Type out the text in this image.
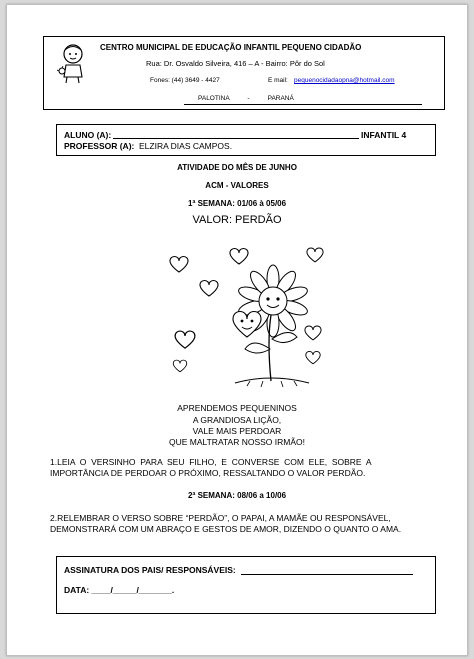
CENTRO MUNICIPAL DE EDUCAÇÃO INFANTIL PEQUENO CIDADÃO
Rua: Dr. Osvaldo Silveira, 416 – A - Bairro: Pôr do Sol
Fones: (44) 3649 - 4427	E mail: pequenocidadaopna@hotmail.com
PALOTINA          -          PARANÁ
ALUNO (A):	INFANTIL 4
PROFESSOR (A): ELZIRA DIAS CAMPOS.
ATIVIDADE DO MÊS DE JUNHO
ACM - VALORES
1ª SEMANA: 01/06 à 05/06
VALOR: PERDÃO
APRENDEMOS PEQUENINOS
A GRANDIOSA LIÇÃO,
VALE MAIS PERDOAR
QUE MALTRATAR NOSSO IRMÃO!
1.LEIA  O  VERSINHO  PARA  SEU  FILHO,  E  CONVERSE  COM  ELE,  SOBRE  A
IMPORTÂNCIA DE PERDOAR O PRÓXIMO, RESSALTANDO O VALOR PERDÃO.
2ª SEMANA: 08/06 a 10/06
2.RELEMBRAR O VERSO SOBRE “PERDÃO”, O PAPAI, A MAMÃE OU RESPONSÁVEL,
DEMONSTRARÁ COM UM ABRAÇO E GESTOS DE AMOR, DIZENDO O QUANTO O AMA.
ASSINATURA DOS PAIS/ RESPONSÁVEIS:
DATA: ____/_____/_______.
